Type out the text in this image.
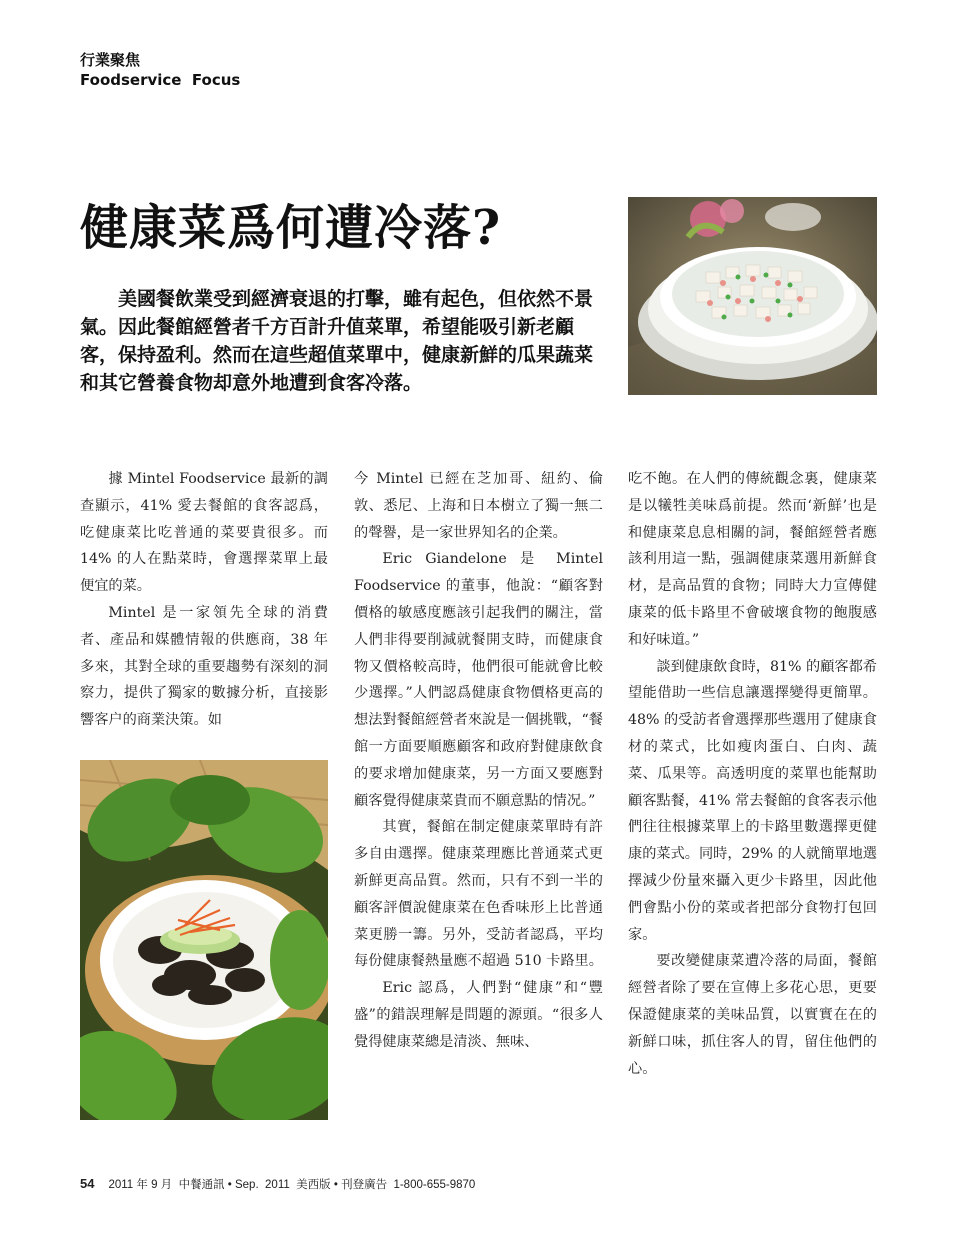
行業聚焦
Foodservice  Focus
健康菜爲何遭冷落?

美國餐飲業受到經濟衰退的打擊，雖有起色，但依然不景氣。因此餐館經營者千方百計升值菜單，希望能吸引新老顧客，保持盈利。然而在這些超值菜單中，健康新鮮的瓜果蔬菜和其它營養食物却意外地遭到食客冷落。

據 Mintel Foodservice 最新的調查顯示，41% 愛去餐館的食客認爲，吃健康菜比吃普通的菜要貴很多。而 14% 的人在點菜時，會選擇菜單上最便宜的菜。

Mintel 是一家領先全球的消費者、產品和媒體情報的供應商，38 年多來，其對全球的重要趨勢有深刻的洞察力，提供了獨家的數據分析，直接影響客户的商業決策。如

今 Mintel 已經在芝加哥、紐約、倫敦、悉尼、上海和日本樹立了獨一無二的聲譽，是一家世界知名的企業。

Eric Giandelone 是 Mintel Foodservice 的董事，他說：“顧客對價格的敏感度應該引起我們的關注，當人們非得要削減就餐開支時，而健康食物又價格較高時，他們很可能就會比較少選擇。”人們認爲健康食物價格更高的想法對餐館經營者來說是一個挑戰，“餐館一方面要順應顧客和政府對健康飲食的要求增加健康菜，另一方面又要應對顧客覺得健康菜貴而不願意點的情况。”

其實，餐館在制定健康菜單時有許多自由選擇。健康菜理應比普通菜式更新鮮更高品質。然而，只有不到一半的顧客評價說健康菜在色香味形上比普通菜更勝一籌。另外，受訪者認爲，平均每份健康餐熱量應不超過 510 卡路里。

Eric 認爲，人們對“健康”和“豐盛”的錯誤理解是問題的源頭。“很多人覺得健康菜總是清淡、無味、

吃不飽。在人們的傳統觀念裏，健康菜是以犧牲美味爲前提。然而‘新鮮’也是和健康菜息息相關的詞，餐館經營者應該利用這一點，强調健康菜選用新鮮食材，是高品質的食物；同時大力宣傳健康菜的低卡路里不會破壞食物的飽腹感和好味道。”

談到健康飲食時，81% 的顧客都希望能借助一些信息讓選擇變得更簡單。48% 的受訪者會選擇那些選用了健康食材的菜式，比如瘦肉蛋白、白肉、蔬菜、瓜果等。高透明度的菜單也能幫助顧客點餐，41% 常去餐館的食客表示他們往往根據菜單上的卡路里數選擇更健康的菜式。同時，29% 的人就簡單地選擇減少份量來攝入更少卡路里，因此他們會點小份的菜或者把部分食物打包回家。

要改變健康菜遭冷落的局面，餐館經營者除了要在宣傳上多花心思，更要保證健康菜的美味品質，以實實在在的新鮮口味，抓住客人的胃，留住他們的心。

54 2011 年 9 月  中餐通訊 • Sep.  2011  美西版 • 刊登廣告  1-800-655-9870
